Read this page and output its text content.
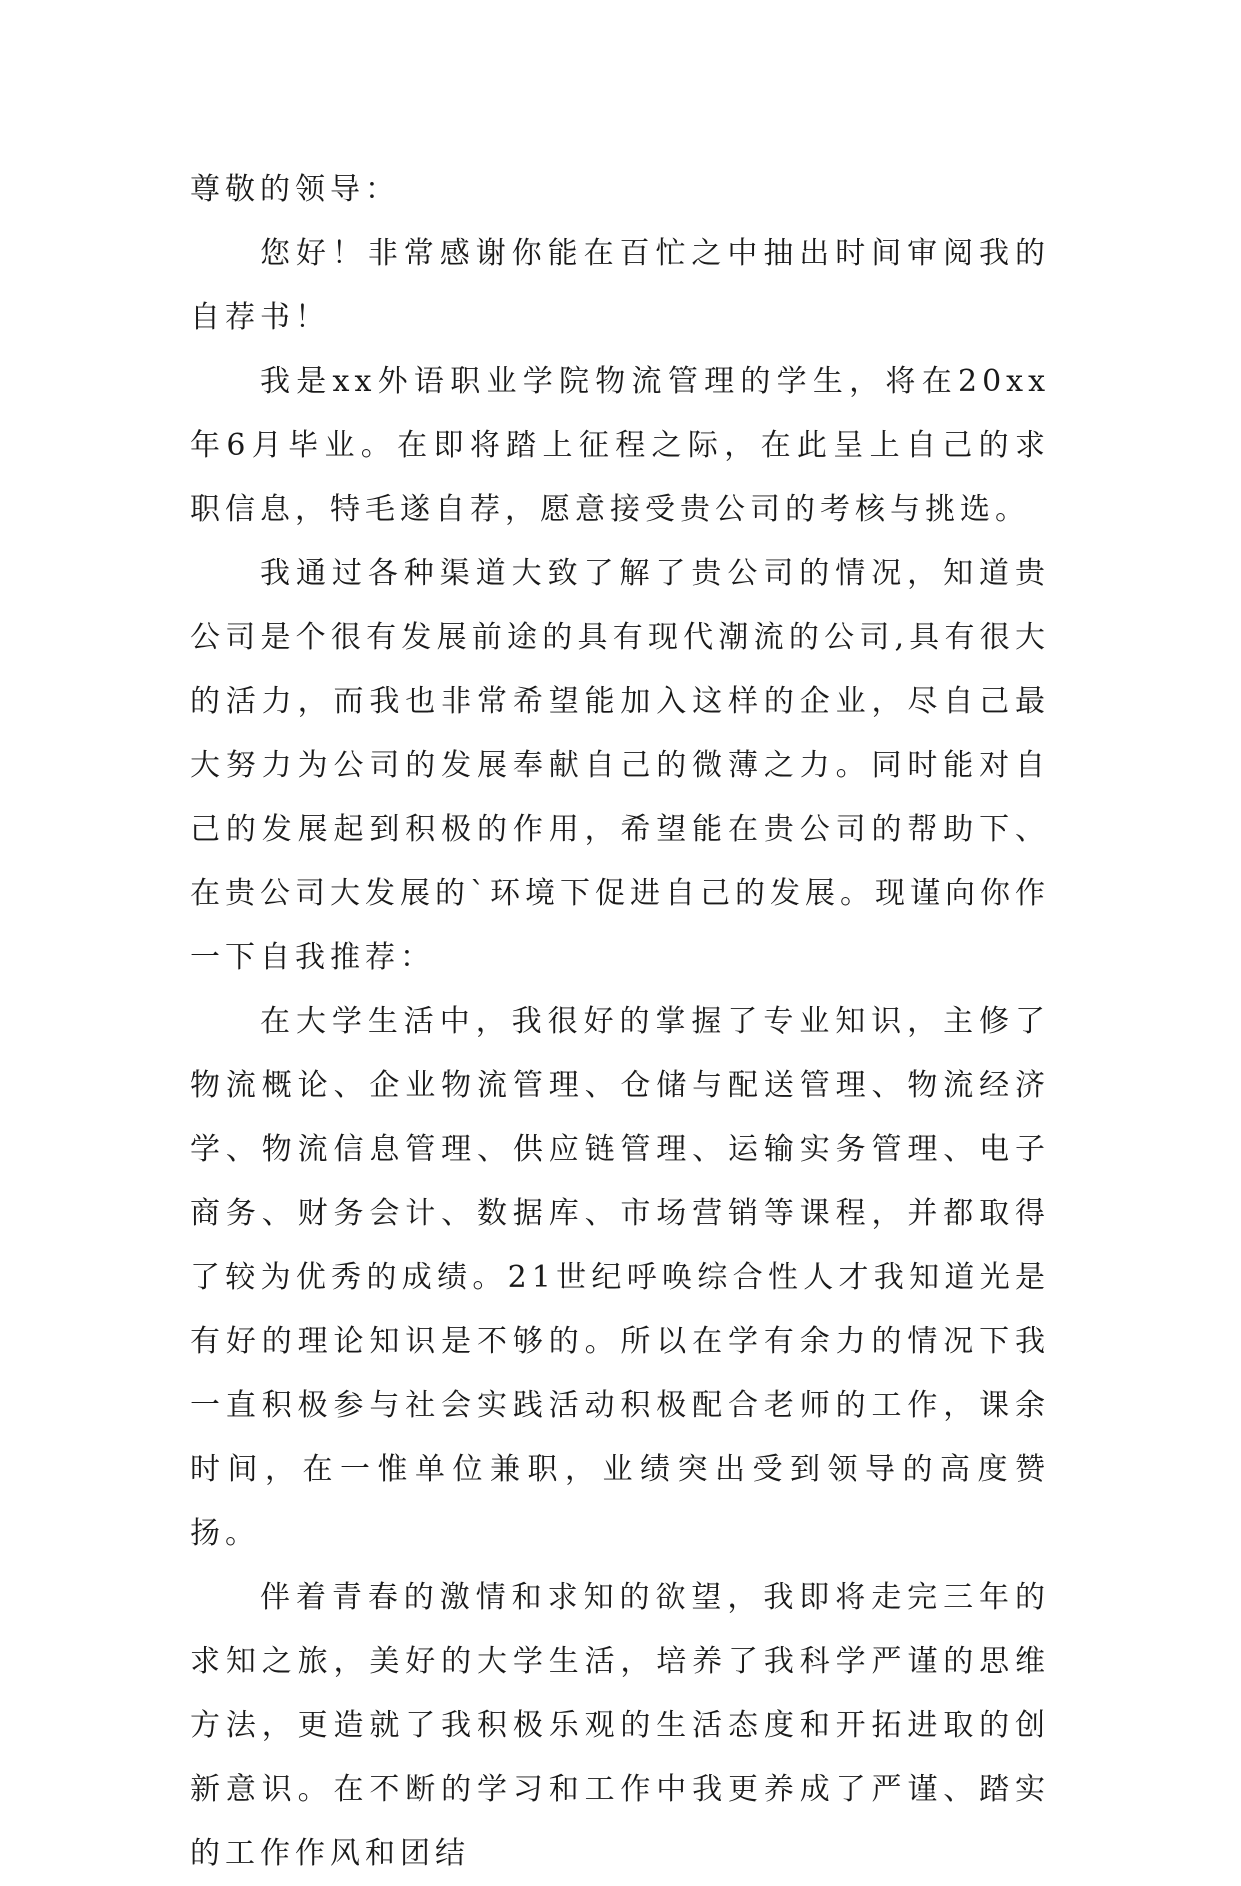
尊敬的领导：

您好！非常感谢你能在百忙之中抽出时间审阅我的自荐书！

我是xx外语职业学院物流管理的学生，将在20xx年6月毕业。在即将踏上征程之际，在此呈上自己的求职信息，特毛遂自荐，愿意接受贵公司的考核与挑选。

我通过各种渠道大致了解了贵公司的情况，知道贵公司是个很有发展前途的具有现代潮流的公司,具有很大的活力，而我也非常希望能加入这样的企业，尽自己最大努力为公司的发展奉献自己的微薄之力。同时能对自己的发展起到积极的作用，希望能在贵公司的帮助下、在贵公司大发展的`环境下促进自己的发展。现谨向你作一下自我推荐：

在大学生活中，我很好的掌握了专业知识，主修了物流概论、企业物流管理、仓储与配送管理、物流经济学、物流信息管理、供应链管理、运输实务管理、电子商务、财务会计、数据库、市场营销等课程，并都取得了较为优秀的成绩。21世纪呼唤综合性人才我知道光是有好的理论知识是不够的。所以在学有余力的情况下我一直积极参与社会实践活动积极配合老师的工作，课余时间，在一惟单位兼职，业绩突出受到领导的高度赞扬。

伴着青春的激情和求知的欲望，我即将走完三年的求知之旅，美好的大学生活，培养了我科学严谨的思维方法，更造就了我积极乐观的生活态度和开拓进取的创新意识。在不断的学习和工作中我更养成了严谨、踏实的工作作风和团结
